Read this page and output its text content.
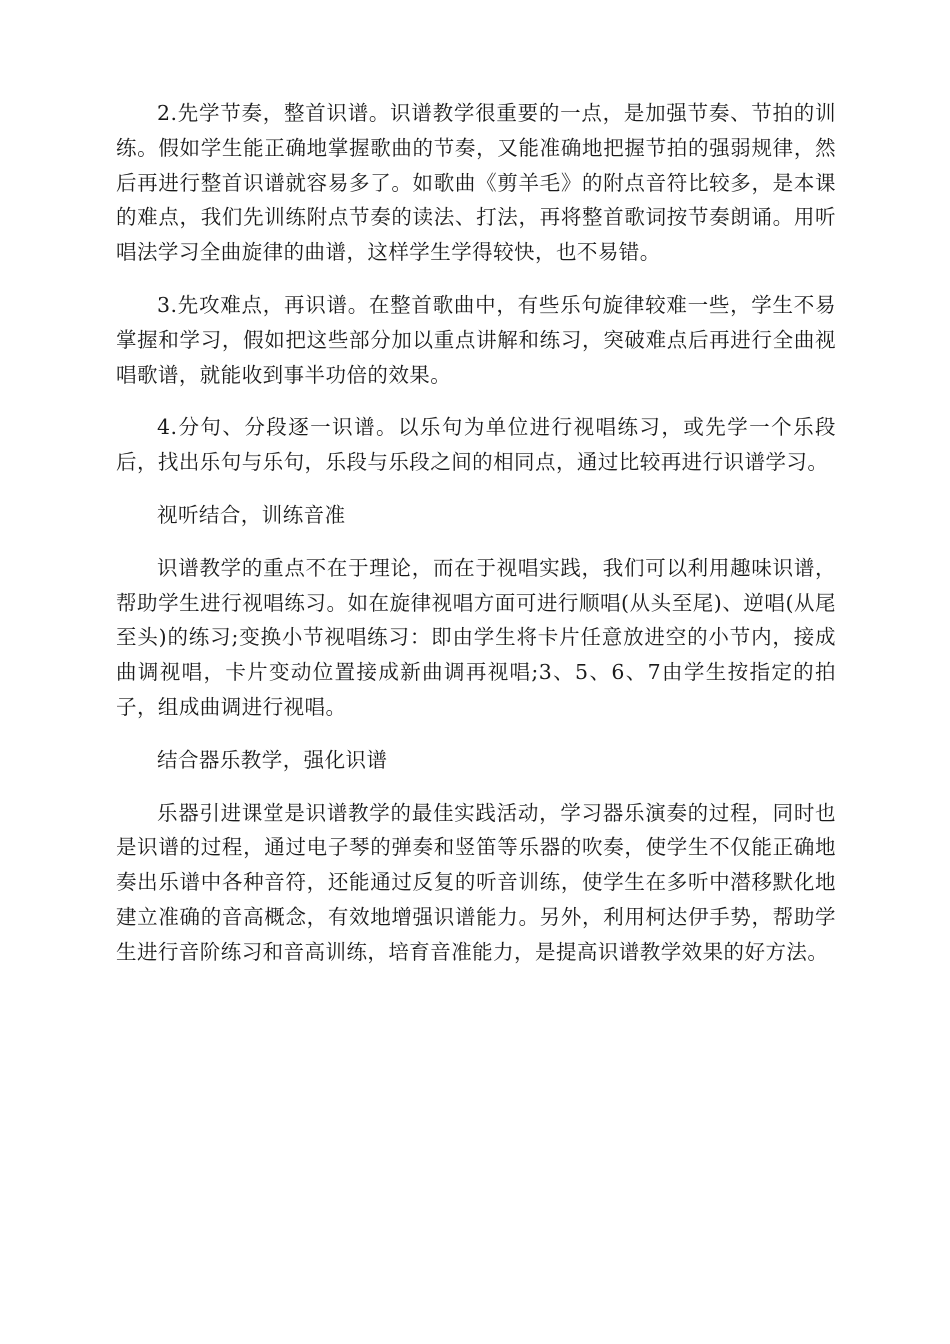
2.先学节奏，整首识谱。识谱教学很重要的一点，是加强节奏、节拍的训练。假如学生能正确地掌握歌曲的节奏，又能准确地把握节拍的强弱规律，然后再进行整首识谱就容易多了。如歌曲《剪羊毛》的附点音符比较多，是本课的难点，我们先训练附点节奏的读法、打法，再将整首歌词按节奏朗诵。用听唱法学习全曲旋律的曲谱，这样学生学得较快，也不易错。

3.先攻难点，再识谱。在整首歌曲中，有些乐句旋律较难一些，学生不易掌握和学习，假如把这些部分加以重点讲解和练习，突破难点后再进行全曲视唱歌谱，就能收到事半功倍的效果。

4.分句、分段逐一识谱。以乐句为单位进行视唱练习，或先学一个乐段后，找出乐句与乐句，乐段与乐段之间的相同点，通过比较再进行识谱学习。

视听结合，训练音准

识谱教学的重点不在于理论，而在于视唱实践，我们可以利用趣味识谱，帮助学生进行视唱练习。如在旋律视唱方面可进行顺唱(从头至尾)、逆唱(从尾至头)的练习;变换小节视唱练习：即由学生将卡片任意放进空的小节内，接成曲调视唱，卡片变动位置接成新曲调再视唱;3、5、6、7由学生按指定的拍子，组成曲调进行视唱。

结合器乐教学，强化识谱

乐器引进课堂是识谱教学的最佳实践活动，学习器乐演奏的过程，同时也是识谱的过程，通过电子琴的弹奏和竖笛等乐器的吹奏，使学生不仅能正确地奏出乐谱中各种音符，还能通过反复的听音训练，使学生在多听中潜移默化地建立准确的音高概念，有效地增强识谱能力。另外，利用柯达伊手势，帮助学生进行音阶练习和音高训练，培育音准能力，是提高识谱教学效果的好方法。
